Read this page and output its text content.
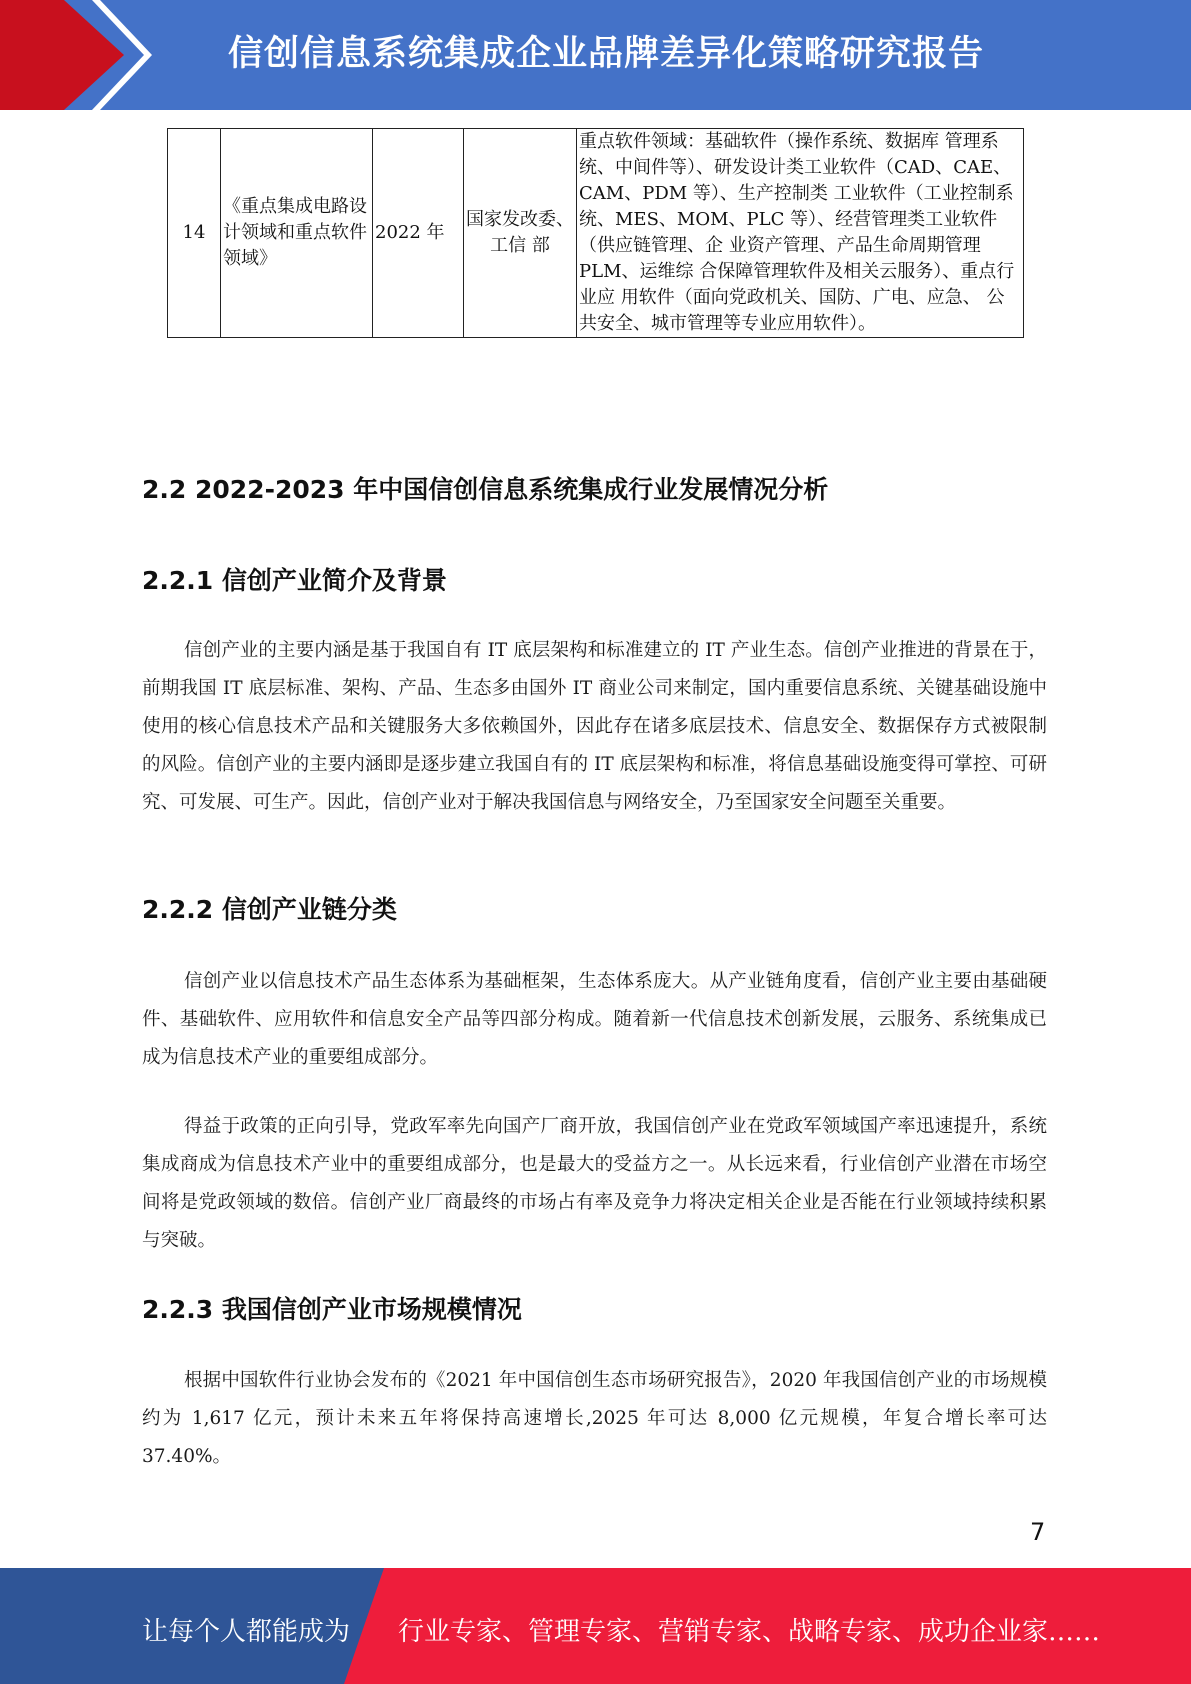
信创信息系统集成企业品牌差异化策略研究报告
14	《重点集成电路设计领域和重点软件领域》	2022 年	国家发改委、工信 部	重点软件领域：基础软件（操作系统、数据库 管理系统、中间件等）、研发设计类工业软件（CAD、CAE、CAM、PDM 等）、生产控制类 工业软件（工业控制系统、MES、MOM、PLC 等）、经营管理类工业软件（供应链管理、企 业资产管理、产品生命周期管理 PLM、运维综 合保障管理软件及相关云服务）、重点行业应 用软件（面向党政机关、国防、广电、应急、 公共安全、城市管理等专业应用软件）。
2.2 2022-2023 年中国信创信息系统集成行业发展情况分析
2.2.1 信创产业简介及背景

信创产业的主要内涵是基于我国自有 IT 底层架构和标准建立的 IT 产业生态。信创产业推进的背景在于，前期我国 IT 底层标准、架构、产品、生态多由国外 IT 商业公司来制定，国内重要信息系统、关键基础设施中使用的核心信息技术产品和关键服务大多依赖国外，因此存在诸多底层技术、信息安全、数据保存方式被限制的风险。信创产业的主要内涵即是逐步建立我国自有的 IT 底层架构和标准，将信息基础设施变得可掌控、可研究、可发展、可生产。因此，信创产业对于解决我国信息与网络安全，乃至国家安全问题至关重要。

2.2.2 信创产业链分类

信创产业以信息技术产品生态体系为基础框架，生态体系庞大。从产业链角度看，信创产业主要由基础硬件、基础软件、应用软件和信息安全产品等四部分构成。随着新一代信息技术创新发展，云服务、系统集成已成为信息技术产业的重要组成部分。

得益于政策的正向引导，党政军率先向国产厂商开放，我国信创产业在党政军领域国产率迅速提升，系统集成商成为信息技术产业中的重要组成部分，也是最大的受益方之一。从长远来看，行业信创产业潜在市场空间将是党政领域的数倍。信创产业厂商最终的市场占有率及竞争力将决定相关企业是否能在行业领域持续积累与突破。

2.2.3 我国信创产业市场规模情况

根据中国软件行业协会发布的《2021 年中国信创生态市场研究报告》，2020 年我国信创产业的市场规模约为 1,617 亿元，预计未来五年将保持高速增长,2025 年可达 8,000 亿元规模，年复合增长率可达 37.40%。

7
让每个人都能成为 行业专家、管理专家、营销专家、战略专家、成功企业家……
